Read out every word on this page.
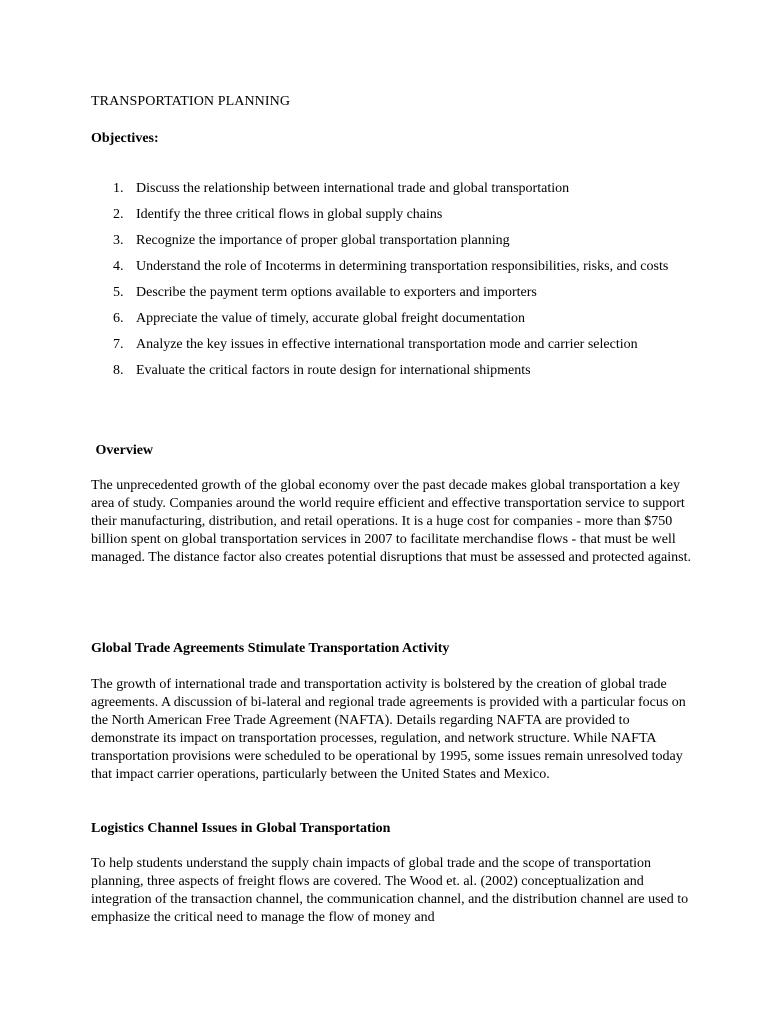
TRANSPORTATION PLANNING
Objectives:
1. Discuss the relationship between international trade and global transportation
2. Identify the three critical flows in global supply chains
3. Recognize the importance of proper global transportation planning
4. Understand the role of Incoterms in determining transportation responsibilities, risks, and costs
5. Describe the payment term options available to exporters and importers
6. Appreciate the value of timely, accurate global freight documentation
7. Analyze the key issues in effective international transportation mode and carrier selection
8. Evaluate the critical factors in route design for international shipments
Overview

The unprecedented growth of the global economy over the past decade makes global transportation a key area of study. Companies around the world require efficient and effective transportation service to support their manufacturing, distribution, and retail operations. It is a huge cost for companies - more than $750 billion spent on global transportation services in 2007 to facilitate merchandise flows - that must be well managed. The distance factor also creates potential disruptions that must be assessed and protected against.

Global Trade Agreements Stimulate Transportation Activity

The growth of international trade and transportation activity is bolstered by the creation of global trade agreements. A discussion of bi-lateral and regional trade agreements is provided with a particular focus on the North American Free Trade Agreement (NAFTA). Details regarding NAFTA are provided to demonstrate its impact on transportation processes, regulation, and network structure. While NAFTA transportation provisions were scheduled to be operational by 1995, some issues remain unresolved today that impact carrier operations, particularly between the United States and Mexico.

Logistics Channel Issues in Global Transportation

To help students understand the supply chain impacts of global trade and the scope of transportation planning, three aspects of freight flows are covered. The Wood et. al. (2002) conceptualization and integration of the transaction channel, the communication channel, and the distribution channel are used to emphasize the critical need to manage the flow of money and
